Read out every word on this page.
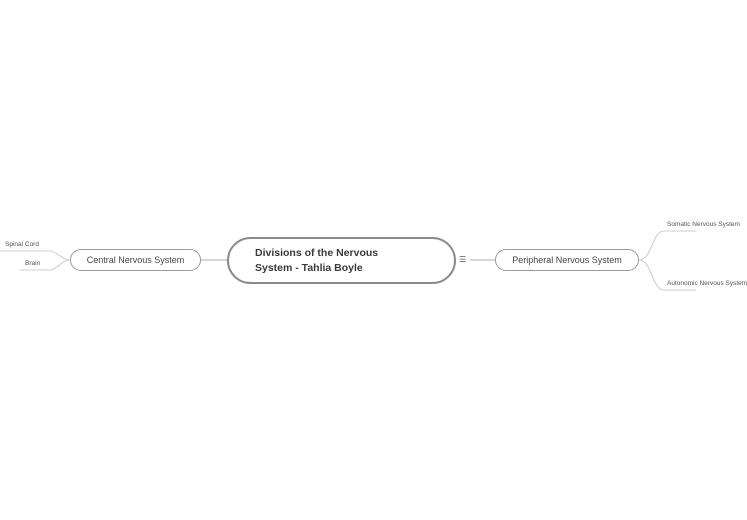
Divisions of the Nervous System - Tahlia Boyle
☰
Central Nervous System	Peripheral Nervous System
Spinal Cord
Brain
Somatic Nervous System
Autonomic Nervous System
